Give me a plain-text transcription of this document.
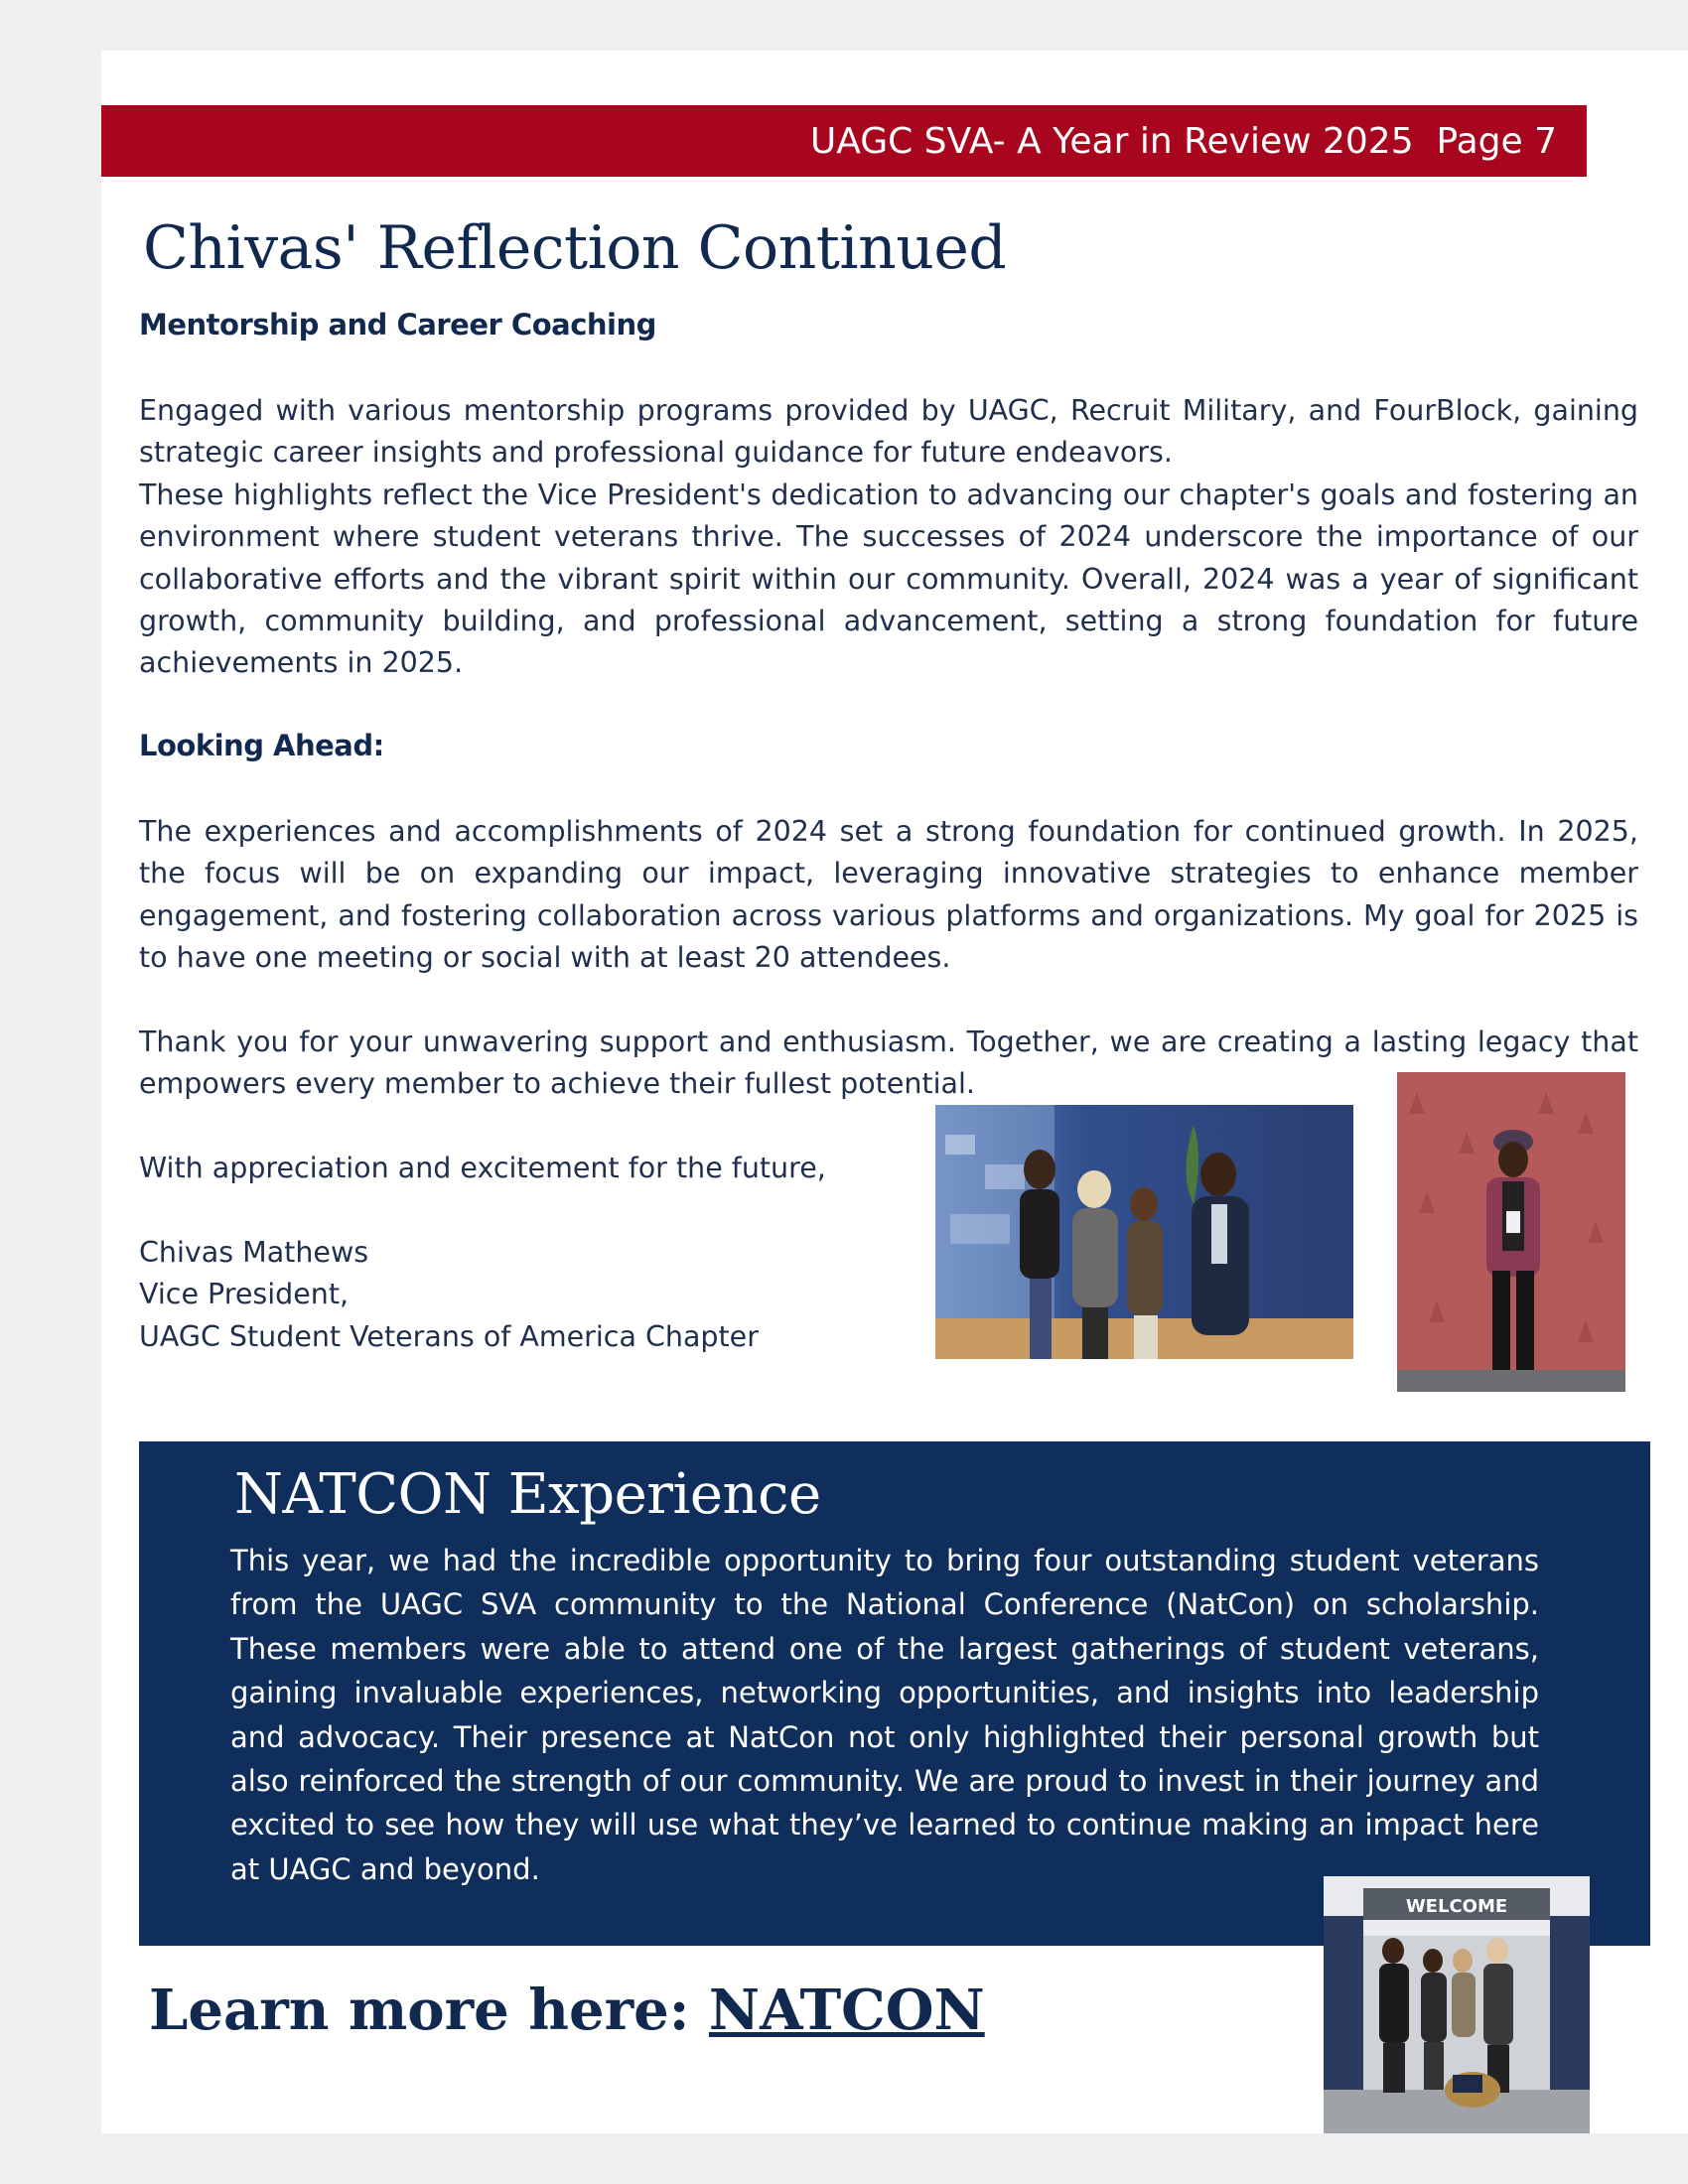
UAGC SVA- A Year in Review 2025  Page 7
Chivas' Reflection Continued
Mentorship and Career Coaching
Engaged with various mentorship programs provided by UAGC, Recruit Military, and FourBlock, gaining strategic career insights and professional guidance for future endeavors.
These highlights reflect the Vice President's dedication to advancing our chapter's goals and fostering an environment where student veterans thrive. The successes of 2024 underscore the importance of our collaborative efforts and the vibrant spirit within our community. Overall, 2024 was a year of significant growth, community building, and professional advancement, setting a strong foundation for future achievements in 2025.
Looking Ahead:
The experiences and accomplishments of 2024 set a strong foundation for continued growth. In 2025, the focus will be on expanding our impact, leveraging innovative strategies to enhance member engagement, and fostering collaboration across various platforms and organizations. My goal for 2025 is to have one meeting or social with at least 20 attendees.
Thank you for your unwavering support and enthusiasm. Together, we are creating a lasting legacy that empowers every member to achieve their fullest potential.
With appreciation and excitement for the future,
Chivas Mathews
Vice President,
UAGC Student Veterans of America Chapter
NATCON Experience

This year, we had the incredible opportunity to bring four outstanding student veterans from the UAGC SVA community to the National Conference (NatCon) on scholarship. These members were able to attend one of the largest gatherings of student veterans, gaining invaluable experiences, networking opportunities, and insights into leadership and advocacy. Their presence at NatCon not only highlighted their personal growth but also reinforced the strength of our community. We are proud to invest in their journey and excited to see how they will use what they’ve learned to continue making an impact here at UAGC and beyond.

WELCOME
Learn more here: NATCON
